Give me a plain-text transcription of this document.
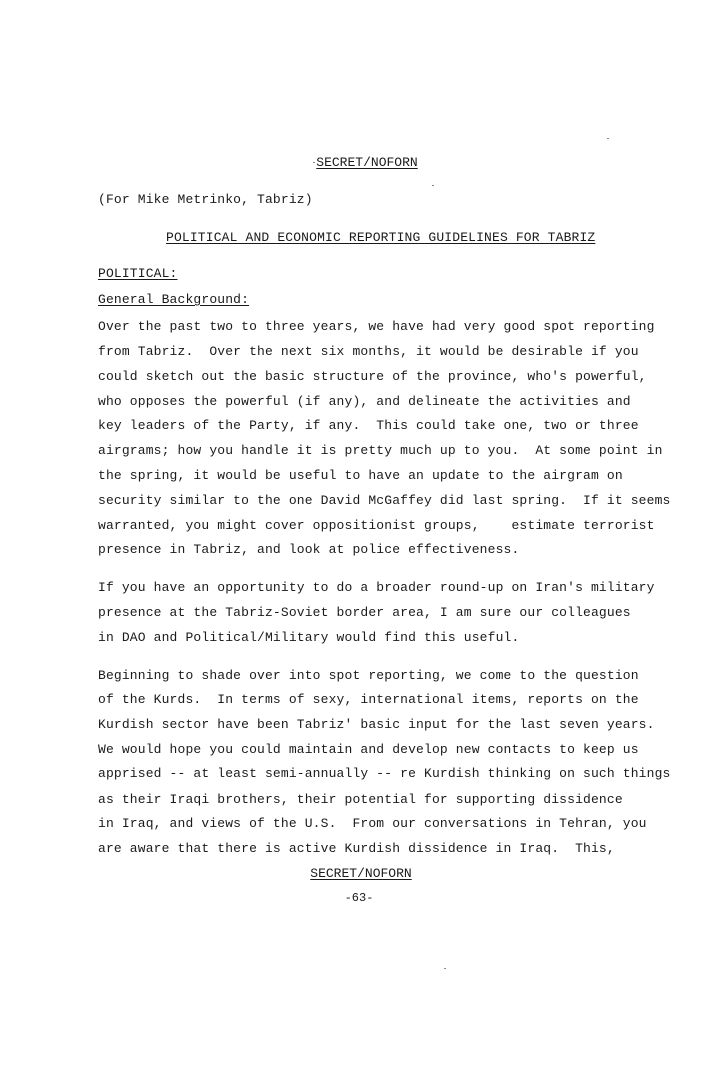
SECRET/NOFORN
(For Mike Metrinko, Tabriz)
POLITICAL AND ECONOMIC REPORTING GUIDELINES FOR TABRIZ
POLITICAL:
General Background:
Over the past two to three years, we have had very good spot reporting
from Tabriz.  Over the next six months, it would be desirable if you
could sketch out the basic structure of the province, who's powerful,
who opposes the powerful (if any), and delineate the activities and
key leaders of the Party, if any.  This could take one, two or three
airgrams; how you handle it is pretty much up to you.  At some point in
the spring, it would be useful to have an update to the airgram on
security similar to the one David McGaffey did last spring.  If it seems
warranted, you might cover oppositionist groups,    estimate terrorist
presence in Tabriz, and look at police effectiveness.
If you have an opportunity to do a broader round-up on Iran's military
presence at the Tabriz-Soviet border area, I am sure our colleagues
in DAO and Political/Military would find this useful.
Beginning to shade over into spot reporting, we come to the question
of the Kurds.  In terms of sexy, international items, reports on the
Kurdish sector have been Tabriz' basic input for the last seven years.
We would hope you could maintain and develop new contacts to keep us
apprised -- at least semi-annually -- re Kurdish thinking on such things
as their Iraqi brothers, their potential for supporting dissidence
in Iraq, and views of the U.S.  From our conversations in Tehran, you
are aware that there is active Kurdish dissidence in Iraq.  This,
SECRET/NOFORN
-63-
